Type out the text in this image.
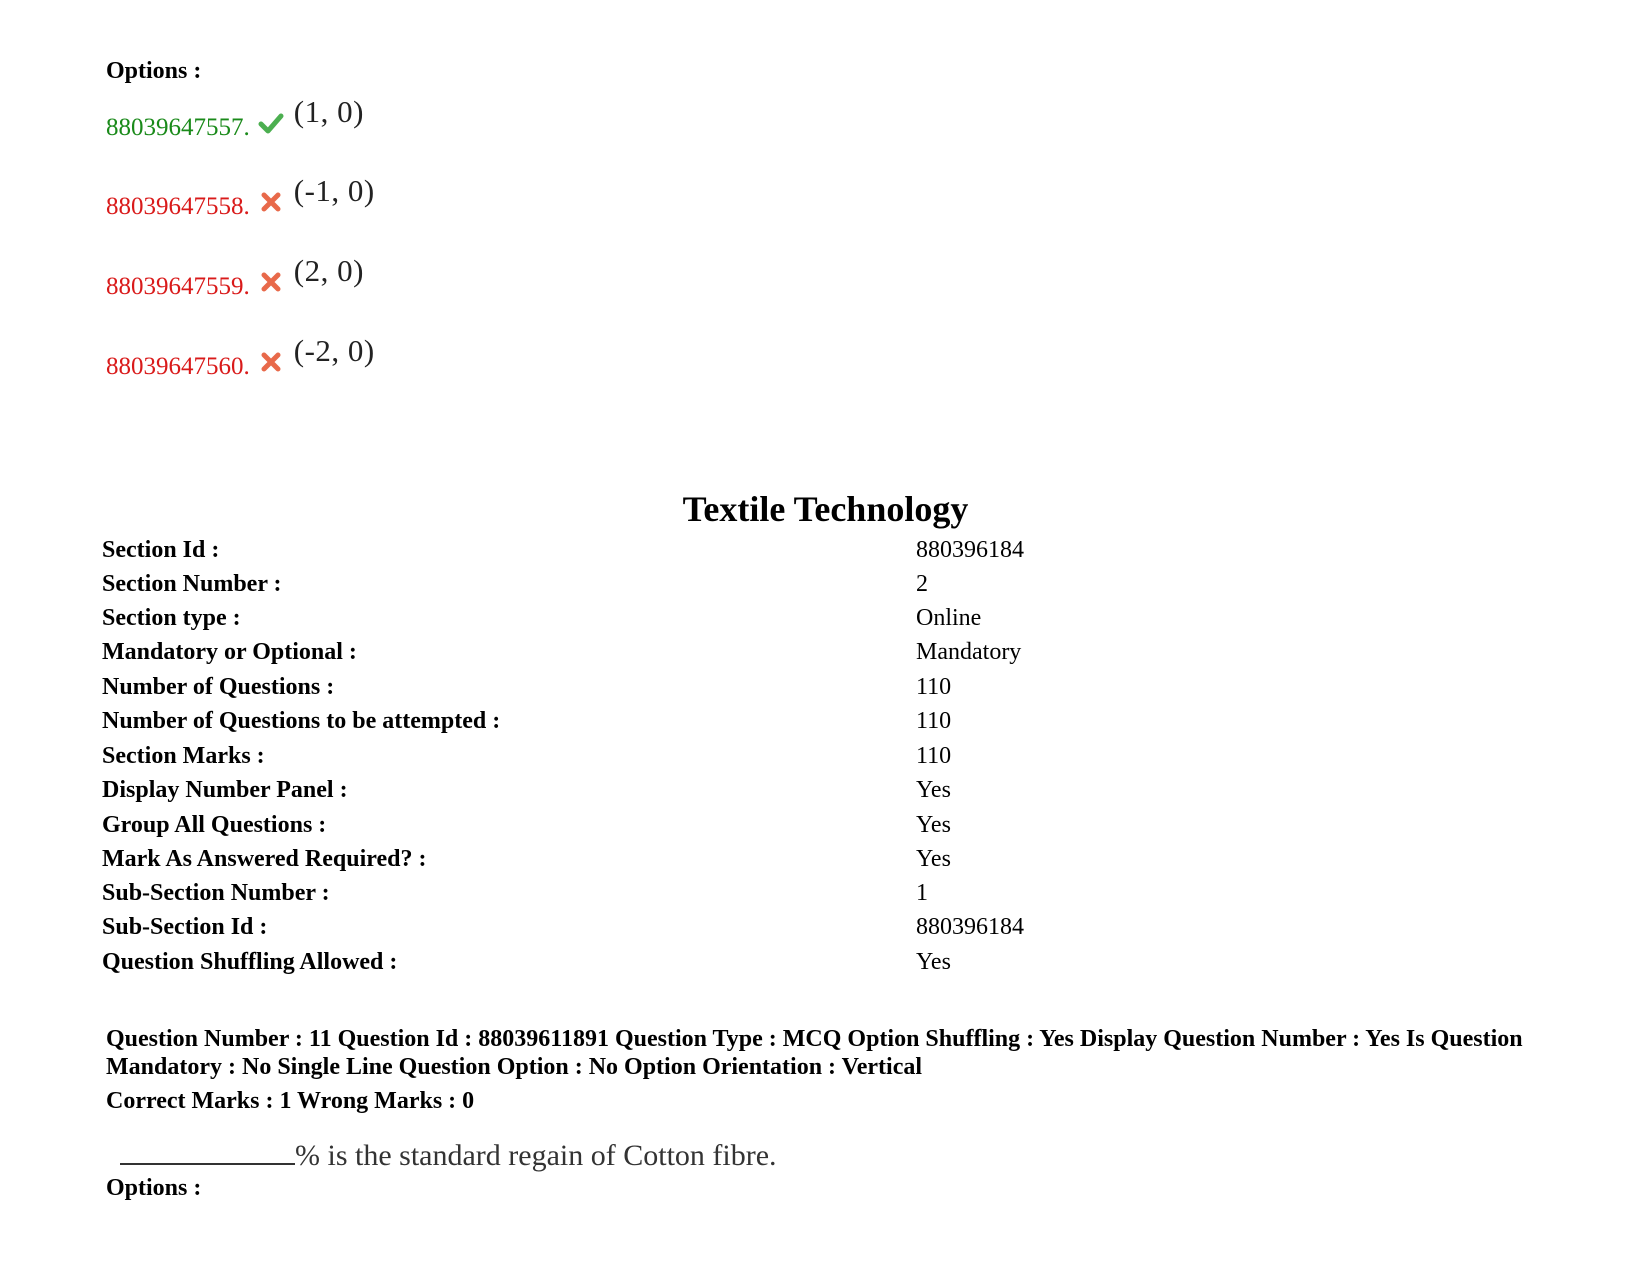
Options :
88039647557. (1, 0)
88039647558. (-1, 0)
88039647559. (2, 0)
88039647560. (-2, 0)
Textile Technology
Section Id :	880396184
Section Number :	2
Section type :	Online
Mandatory or Optional :	Mandatory
Number of Questions :	110
Number of Questions to be attempted :	110
Section Marks :	110
Display Number Panel :	Yes
Group All Questions :	Yes
Mark As Answered Required? :	Yes
Sub-Section Number :	1
Sub-Section Id :	880396184
Question Shuffling Allowed :	Yes
Question Number : 11 Question Id : 88039611891 Question Type : MCQ Option Shuffling : Yes Display Question Number : Yes Is Question Mandatory : No Single Line Question Option : No Option Orientation : Vertical
Correct Marks : 1 Wrong Marks : 0
% is the standard regain of Cotton fibre.
Options :
